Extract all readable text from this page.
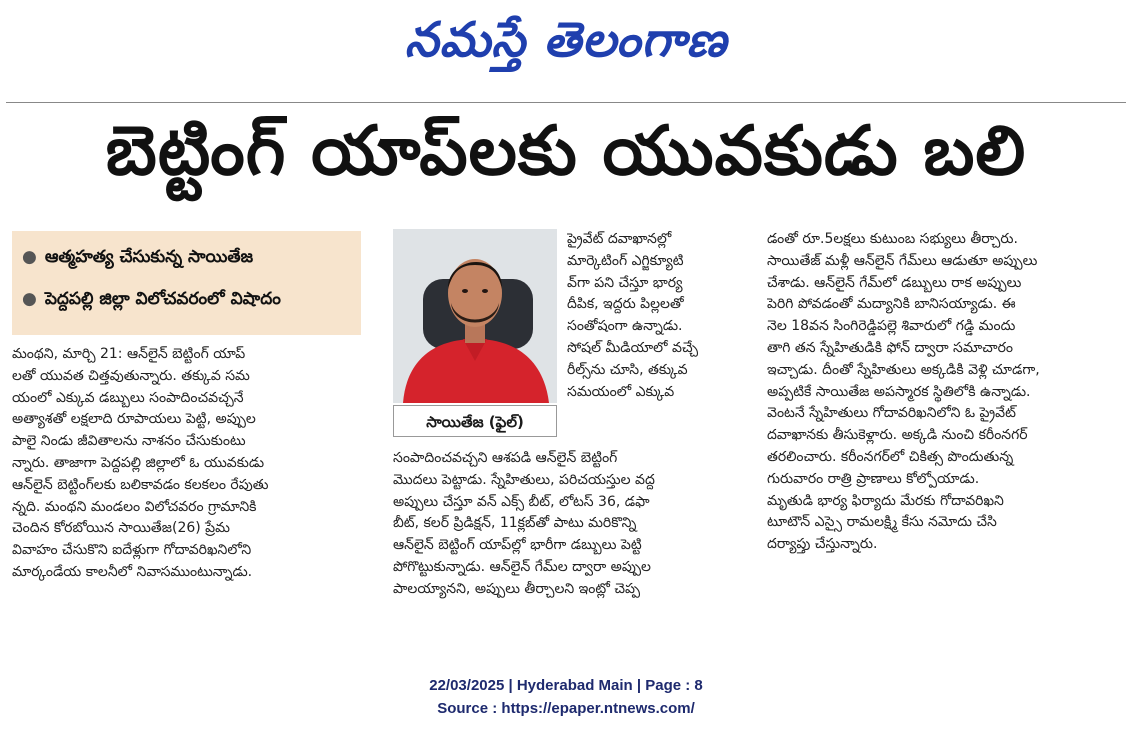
నమస్తే తెలంగాణ
బెట్టింగ్ యాప్‌లకు యువకుడు బలి
● ఆత్మహత్య చేసుకున్న సాయితేజ
● పెద్దపల్లి జిల్లా విలోచవరంలో విషాదం
సాయితేజ (ఫైల్)
మంథని, మార్చి 21: ఆన్‌లైన్ బెట్టింగ్ యాప్
లతో యువత చిత్తవుతున్నారు. తక్కువ సమ
యంలో ఎక్కువ డబ్బులు సంపాదించవచ్చనే
అత్యాశతో లక్షలాది రూపాయలు పెట్టి, అప్పుల
పాలై నిండు జీవితాలను నాశనం చేసుకుంటు
న్నారు. తాజాగా పెద్దపల్లి జిల్లాలో ఓ యువకుడు
ఆన్‌లైన్ బెట్టింగ్‌లకు బలికావడం కలకలం రేపుతు
న్నది. మంథని మండలం విలోచవరం గ్రామానికి
చెందిన కోరబోయిన సాయితేజ(26) ప్రేమ
వివాహం చేసుకొని ఐదేళ్లుగా గోదావరిఖనిలోని
మార్కండేయ కాలనీలో నివాసముంటున్నాడు.
ప్రైవేట్ దవాఖానల్లో
మార్కెటింగ్ ఎగ్జిక్యూటి
వ్‌గా పని చేస్తూ భార్య
దీపిక, ఇద్దరు పిల్లలతో
సంతోషంగా ఉన్నాడు.
సోషల్ మీడియాలో వచ్చే
రీల్స్‌ను చూసి, తక్కువ
సమయంలో ఎక్కువ
సంపాదించవచ్చని ఆశపడి ఆన్‌లైన్ బెట్టింగ్
మొదలు పెట్టాడు. స్నేహితులు, పరిచయస్తుల వద్ద
అప్పులు చేస్తూ వన్ ఎక్స్ బీట్, లోటస్ 36, డఫా
బీట్, కలర్ ప్రిడిక్షన్, 11క్లబ్‌తో పాటు మరికొన్ని
ఆన్‌లైన్ బెట్టింగ్ యాప్‌ల్లో భారీగా డబ్బులు పెట్టి
పోగొట్టుకున్నాడు. ఆన్‌లైన్ గేమ్‌ల ద్వారా అప్పుల
పాలయ్యానని, అప్పులు తీర్చాలని ఇంట్లో చెప్ప
డంతో రూ.5లక్షలు కుటుంబ సభ్యులు తీర్చారు.
సాయితేజ్ మళ్లీ ఆన్‌లైన్ గేమ్‌లు ఆడుతూ అప్పులు
చేశాడు. ఆన్‌లైన్ గేమ్‌లో డబ్బులు రాక అప్పులు
పెరిగి పోవడంతో మద్యానికి బానిసయ్యాడు. ఈ
నెల 18వన సింగిరెడ్డిపల్లె శివారులో గడ్డి మందు
తాగి తన స్నేహితుడికి ఫోన్ ద్వారా సమాచారం
ఇచ్చాడు. దీంతో స్నేహితులు అక్కడికి వెళ్లి చూడగా,
అప్పటికే సాయితేజ అపస్మారక స్థితిలోకి ఉన్నాడు.
వెంటనే స్నేహితులు గోదావరిఖనిలోని ఓ ప్రైవేట్
దవాఖానకు తీసుకెళ్లారు. అక్కడి నుంచి కరీంనగర్
తరలించారు. కరీంనగర్‌లో చికిత్స పొందుతున్న
గురువారం రాత్రి ప్రాణాలు కోల్పోయాడు.
మృతుడి భార్య ఫిర్యాదు మేరకు గోదావరిఖని
టూటౌన్ ఎస్సై రామలక్ష్మి కేసు నమోదు చేసి
దర్యాప్తు చేస్తున్నారు.
22/03/2025 | Hyderabad Main | Page : 8
Source : https://epaper.ntnews.com/
